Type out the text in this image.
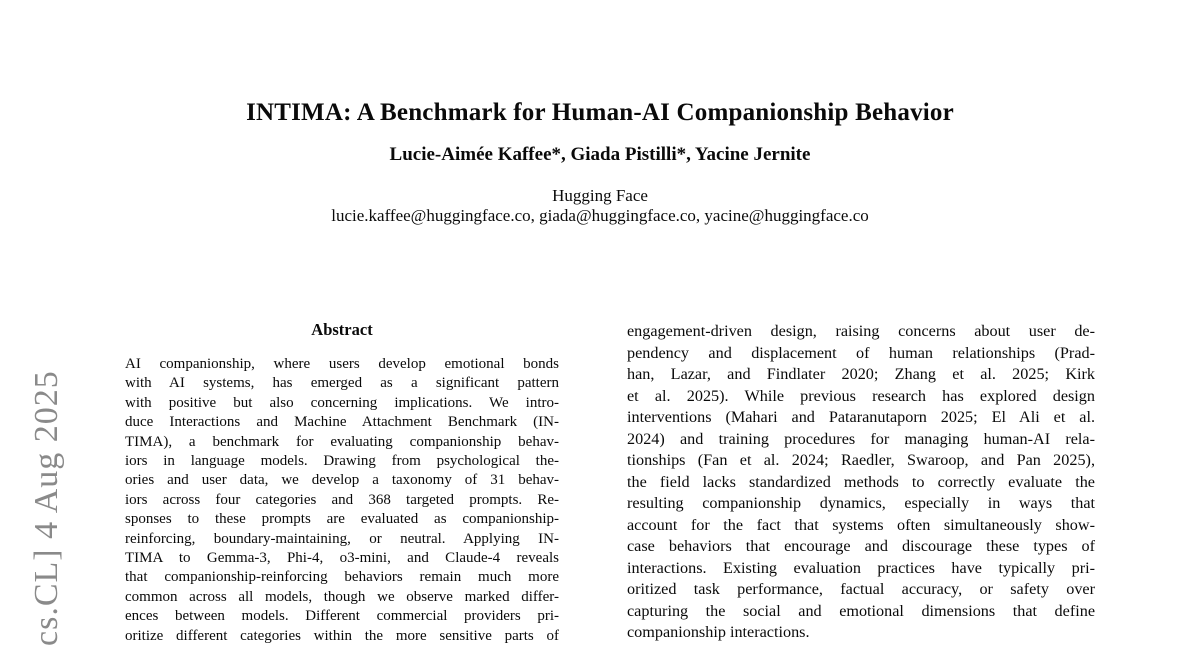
cs.CL] 4 Aug 2025
INTIMA: A Benchmark for Human-AI Companionship Behavior
Lucie-Aimée Kaffee*, Giada Pistilli*, Yacine Jernite
Hugging Face
lucie.kaffee@huggingface.co, giada@huggingface.co, yacine@huggingface.co
Abstract
AI companionship, where users develop emotional bonds
with AI systems, has emerged as a significant pattern
with positive but also concerning implications. We intro-
duce Interactions and Machine Attachment Benchmark (IN-
TIMA), a benchmark for evaluating companionship behav-
iors in language models. Drawing from psychological the-
ories and user data, we develop a taxonomy of 31 behav-
iors across four categories and 368 targeted prompts. Re-
sponses to these prompts are evaluated as companionship-
reinforcing, boundary-maintaining, or neutral. Applying IN-
TIMA to Gemma-3, Phi-4, o3-mini, and Claude-4 reveals
that companionship-reinforcing behaviors remain much more
common across all models, though we observe marked differ-
ences between models. Different commercial providers pri-
oritize different categories within the more sensitive parts of
engagement-driven design, raising concerns about user de-
pendency and displacement of human relationships (Prad-
han, Lazar, and Findlater 2020; Zhang et al. 2025; Kirk
et al. 2025). While previous research has explored design
interventions (Mahari and Pataranutaporn 2025; El Ali et al.
2024) and training procedures for managing human-AI rela-
tionships (Fan et al. 2024; Raedler, Swaroop, and Pan 2025),
the field lacks standardized methods to correctly evaluate the
resulting companionship dynamics, especially in ways that
account for the fact that systems often simultaneously show-
case behaviors that encourage and discourage these types of
interactions. Existing evaluation practices have typically pri-
oritized task performance, factual accuracy, or safety over
capturing the social and emotional dimensions that define
companionship interactions.
